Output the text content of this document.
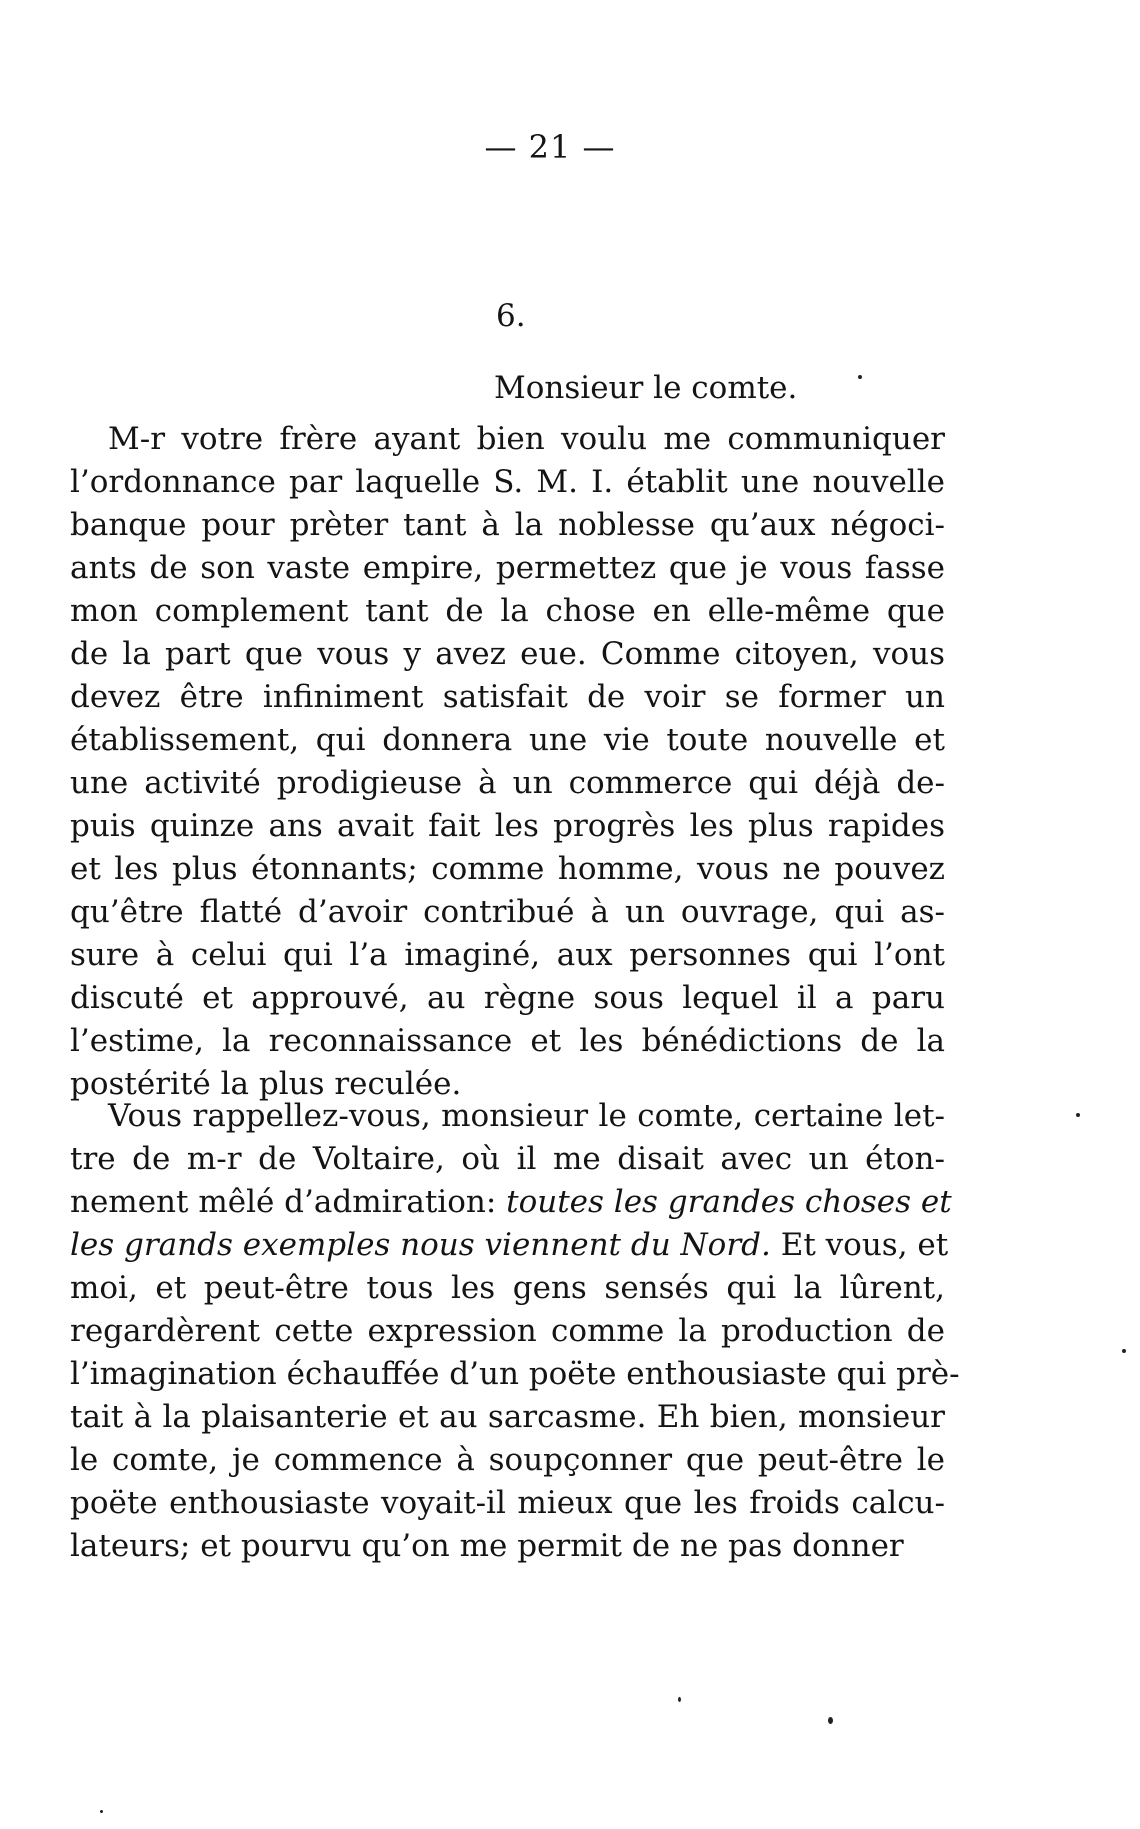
— 21 —
6.
Monsieur le comte.
M-r votre frère ayant bien voulu me communiquer
l’ordonnance par laquelle S. M. I. établit une nouvelle
banque pour prèter tant à la noblesse qu’aux négoci-
ants de son vaste empire, permettez que je vous fasse
mon complement tant de la chose en elle-même que
de la part que vous y avez eue. Comme citoyen, vous
devez être infiniment satisfait de voir se former un
établissement, qui donnera une vie toute nouvelle et
une activité prodigieuse à un commerce qui déjà de-
puis quinze ans avait fait les progrès les plus rapides
et les plus étonnants; comme homme, vous ne pouvez
qu’être flatté d’avoir contribué à un ouvrage, qui as-
sure à celui qui l’a imaginé, aux personnes qui l’ont
discuté et approuvé, au règne sous lequel il a paru
l’estime, la reconnaissance et les bénédictions de la
postérité la plus reculée.
Vous rappellez-vous, monsieur le comte, certaine let-
tre de m-r de Voltaire, où il me disait avec un éton-
nement mêlé d’admiration: toutes les grandes choses et
les grands exemples nous viennent du Nord. Et vous, et
moi, et peut-être tous les gens sensés qui la lûrent,
regardèrent cette expression comme la production de
l’imagination échauffée d’un poëte enthousiaste qui prè-
tait à la plaisanterie et au sarcasme. Eh bien, monsieur
le comte, je commence à soupçonner que peut-être le
poëte enthousiaste voyait-il mieux que les froids calcu-
lateurs; et pourvu qu’on me permit de ne pas donner
